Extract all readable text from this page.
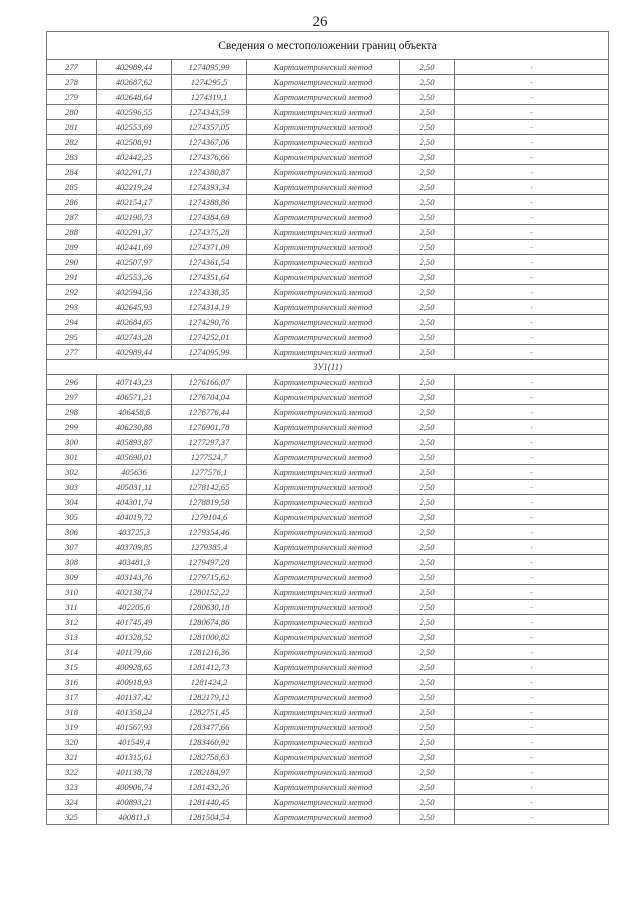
26
Сведения о местоположении границ объекта					
277	402989,44	1274095,99	Картометрический метод	2,50	-
278	402687,62	1274295,5	Картометрический метод	2,50	-
279	402648,64	1274319,1	Картометрический метод	2,50	-
280	402596,55	1274343,59	Картометрический метод	2,50	-
281	402553,69	1274357,05	Картометрический метод	2,50	-
282	402508,91	1274367,06	Картометрический метод	2,50	-
283	402442,25	1274376,66	Картометрический метод	2,50	-
284	402291,71	1274380,87	Картометрический метод	2,50	-
285	402219,24	1274393,34	Картометрический метод	2,50	-
286	402154,17	1274388,86	Картометрический метод	2,50	-
287	402190,73	1274384,69	Картометрический метод	2,50	-
288	402291,37	1274375,28	Картометрический метод	2,50	-
289	402441,69	1274371,09	Картометрический метод	2,50	-
290	402507,97	1274361,54	Картометрический метод	2,50	-
291	402553,26	1274351,64	Картометрический метод	2,50	-
292	402594,56	1274338,35	Картометрический метод	2,50	-
293	402645,93	1274314,19	Картометрический метод	2,50	-
294	402684,65	1274290,76	Картометрический метод	2,50	-
295	402743,28	1274252,01	Картометрический метод	2,50	-
277	402989,44	1274095,99	Картометрический метод	2,50	-
ЗУ1(11)					
296	407143,23	1276166,07	Картометрический метод	2,50	-
297	406571,21	1276704,04	Картометрический метод	2,50	-
298	406458,6	1276776,44	Картометрический метод	2,50	-
299	406230,88	1276901,78	Картометрический метод	2,50	-
300	405893,87	1277297,37	Картометрический метод	2,50	-
301	405690,01	1277524,7	Картометрический метод	2,50	-
302	405636	1277576,1	Картометрический метод	2,50	-
303	405031,11	1278142,65	Картометрический метод	2,50	-
304	404301,74	1278819,58	Картометрический метод	2,50	-
305	404019,72	1279104,6	Картометрический метод	2,50	-
306	403725,3	1279354,46	Картометрический метод	2,50	-
307	403709,85	1279385,4	Картометрический метод	2,50	-
308	403481,3	1279497,28	Картометрический метод	2,50	-
309	403143,76	1279715,62	Картометрический метод	2,50	-
310	402138,74	1280152,22	Картометрический метод	2,50	-
311	402205,6	1280630,18	Картометрический метод	2,50	-
312	401745,49	1280674,86	Картометрический метод	2,50	-
313	401328,52	1281000,82	Картометрический метод	2,50	-
314	401179,66	1281216,36	Картометрический метод	2,50	-
315	400928,65	1281412,73	Картометрический метод	2,50	-
316	400918,93	1281424,2	Картометрический метод	2,50	-
317	401137,42	1282179,12	Картометрический метод	2,50	-
318	401358,24	1282751,45	Картометрический метод	2,50	-
319	401567,93	1283477,66	Картометрический метод	2,50	-
320	401549,4	1283460,92	Картометрический метод	2,50	-
321	401315,61	1282758,63	Картометрический метод	2,50	-
322	401138,78	1282184,97	Картометрический метод	2,50	-
323	400906,74	1281432,26	Картометрический метод	2,50	-
324	400893,21	1281440,45	Картометрический метод	2,50	-
325	400811,3	1281504,54	Картометрический метод	2,50	-
